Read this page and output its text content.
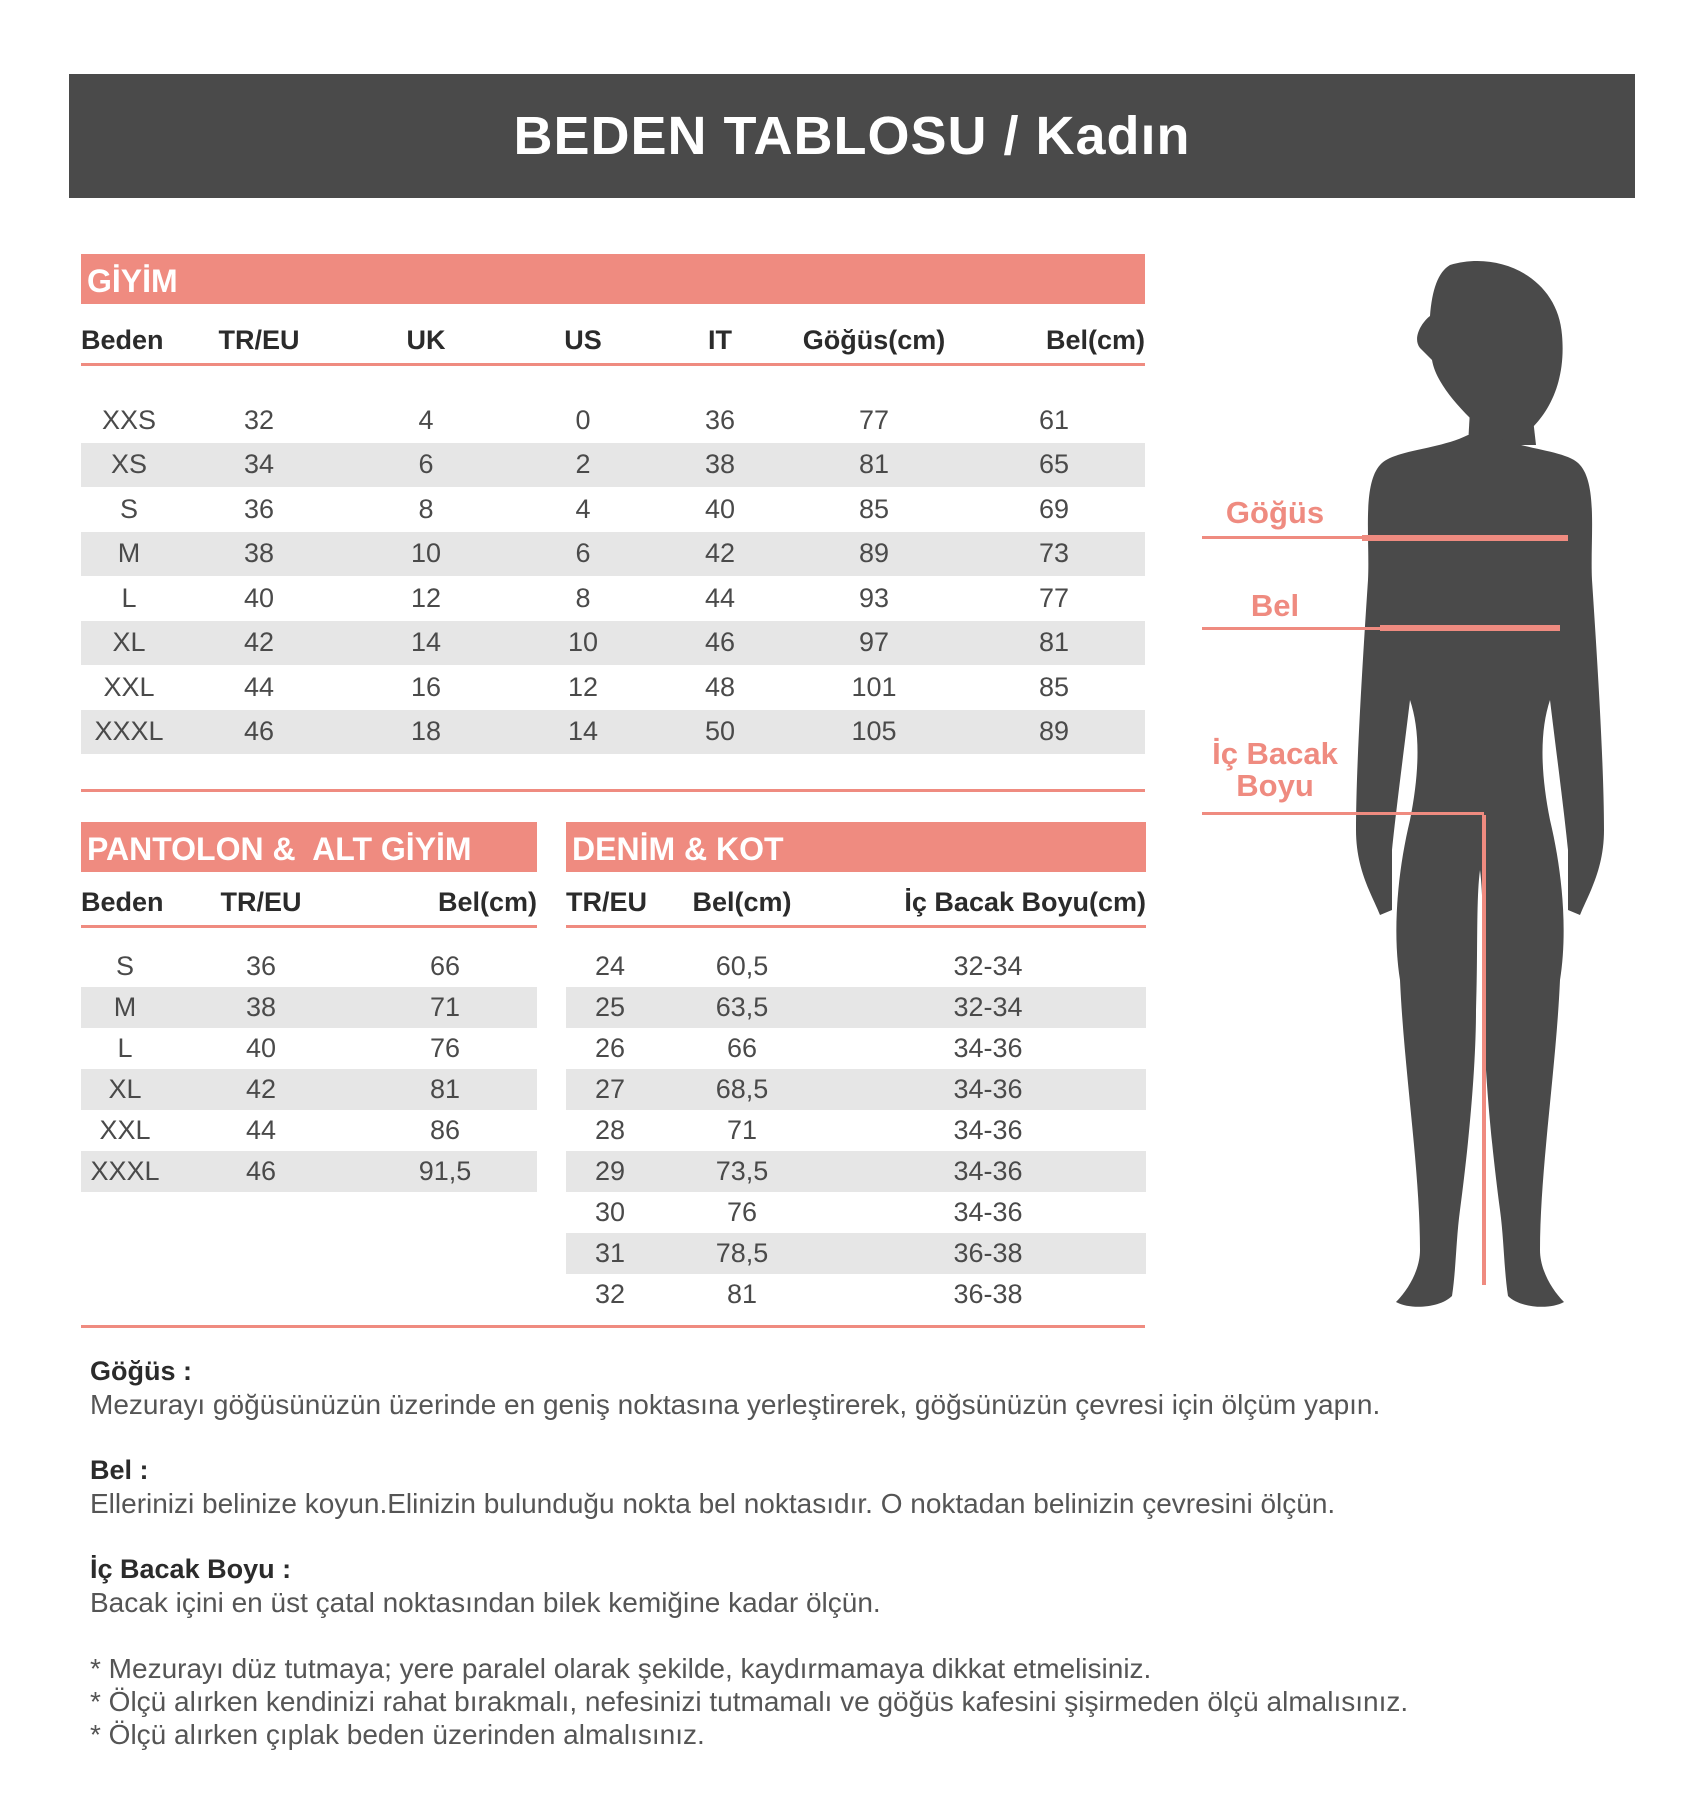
BEDEN TABLOSU / Kadın
GİYİM
Beden	TR/EU	UK	US	IT	Göğüs(cm)	Bel(cm)
XXS	32	4	0	36	77	61
XS	34	6	2	38	81	65
S	36	8	4	40	85	69
M	38	10	6	42	89	73
L	40	12	8	44	93	77
XL	42	14	10	46	97	81
XXL	44	16	12	48	101	85
XXXL	46	18	14	50	105	89
PANTOLON &  ALT GİYİM
Beden	TR/EU	Bel(cm)
S	36	66
M	38	71
L	40	76
XL	42	81
XXL	44	86
XXXL	46	91,5
DENİM & KOT
TR/EU	Bel(cm)	İç Bacak Boyu(cm)
24	60,5	32-34
25	63,5	32-34
26	66	34-36
27	68,5	34-36
28	71	34-36
29	73,5	34-36
30	76	34-36
31	78,5	36-38
32	81	36-38
Göğüs
Bel
İç Bacak
Boyu
Göğüs :
Mezurayı göğüsünüzün üzerinde en geniş noktasına yerleştirerek, göğsünüzün çevresi için ölçüm yapın.
Bel :
Ellerinizi belinize koyun.Elinizin bulunduğu nokta bel noktasıdır. O noktadan belinizin çevresini ölçün.
İç Bacak Boyu :
Bacak içini en üst çatal noktasından bilek kemiğine kadar ölçün.
* Mezurayı düz tutmaya; yere paralel olarak şekilde, kaydırmamaya dikkat etmelisiniz.
* Ölçü alırken kendinizi rahat bırakmalı, nefesinizi tutmamalı ve göğüs kafesini şişirmeden ölçü almalısınız.
* Ölçü alırken çıplak beden üzerinden almalısınız.
